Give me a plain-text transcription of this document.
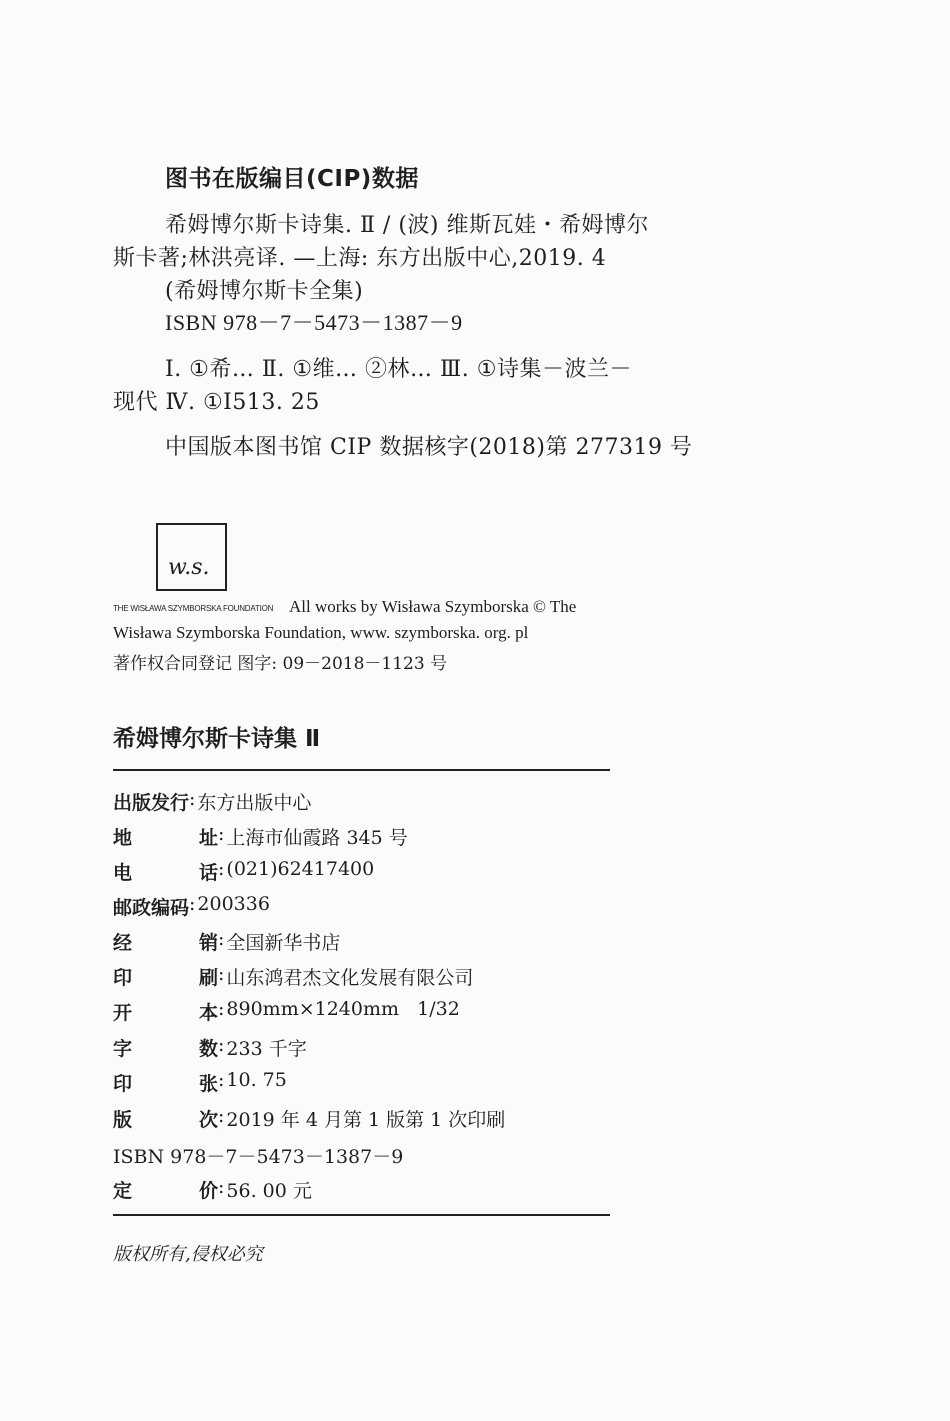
图书在版编目(CIP)数据
希姆博尔斯卡诗集. Ⅱ / (波) 维斯瓦娃・希姆博尔
斯卡著;林洪亮译. —上海: 东方出版中心,2019. 4
(希姆博尔斯卡全集)
ISBN 978－7－5473－1387－9
Ⅰ. ①希… Ⅱ. ①维… ②林… Ⅲ. ①诗集－波兰－
现代 Ⅳ. ①I513. 25
中国版本图书馆 CIP 数据核字(2018)第 277319 号
w.s.
THE WISŁAWA SZYMBORSKA FOUNDATION All works by Wisława Szymborska © The
Wisława Szymborska Foundation, www. szymborska. org. pl
著作权合同登记 图字: 09－2018－1123 号
希姆博尔斯卡诗集 Ⅱ
出版发行 : 东方出版中心
地	址 : 上海市仙霞路 345 号
电	话 : (021)62417400
邮政编码 : 200336
经	销 : 全国新华书店
印	刷 : 山东鸿君杰文化发展有限公司
开	本 : 890mm×1240mm   1/32
字	数 : 233 千字
印	张 : 10. 75
版	次 : 2019 年 4 月第 1 版第 1 次印刷
ISBN 978－7－5473－1387－9
定	价 : 56. 00 元
版权所有,侵权必究
